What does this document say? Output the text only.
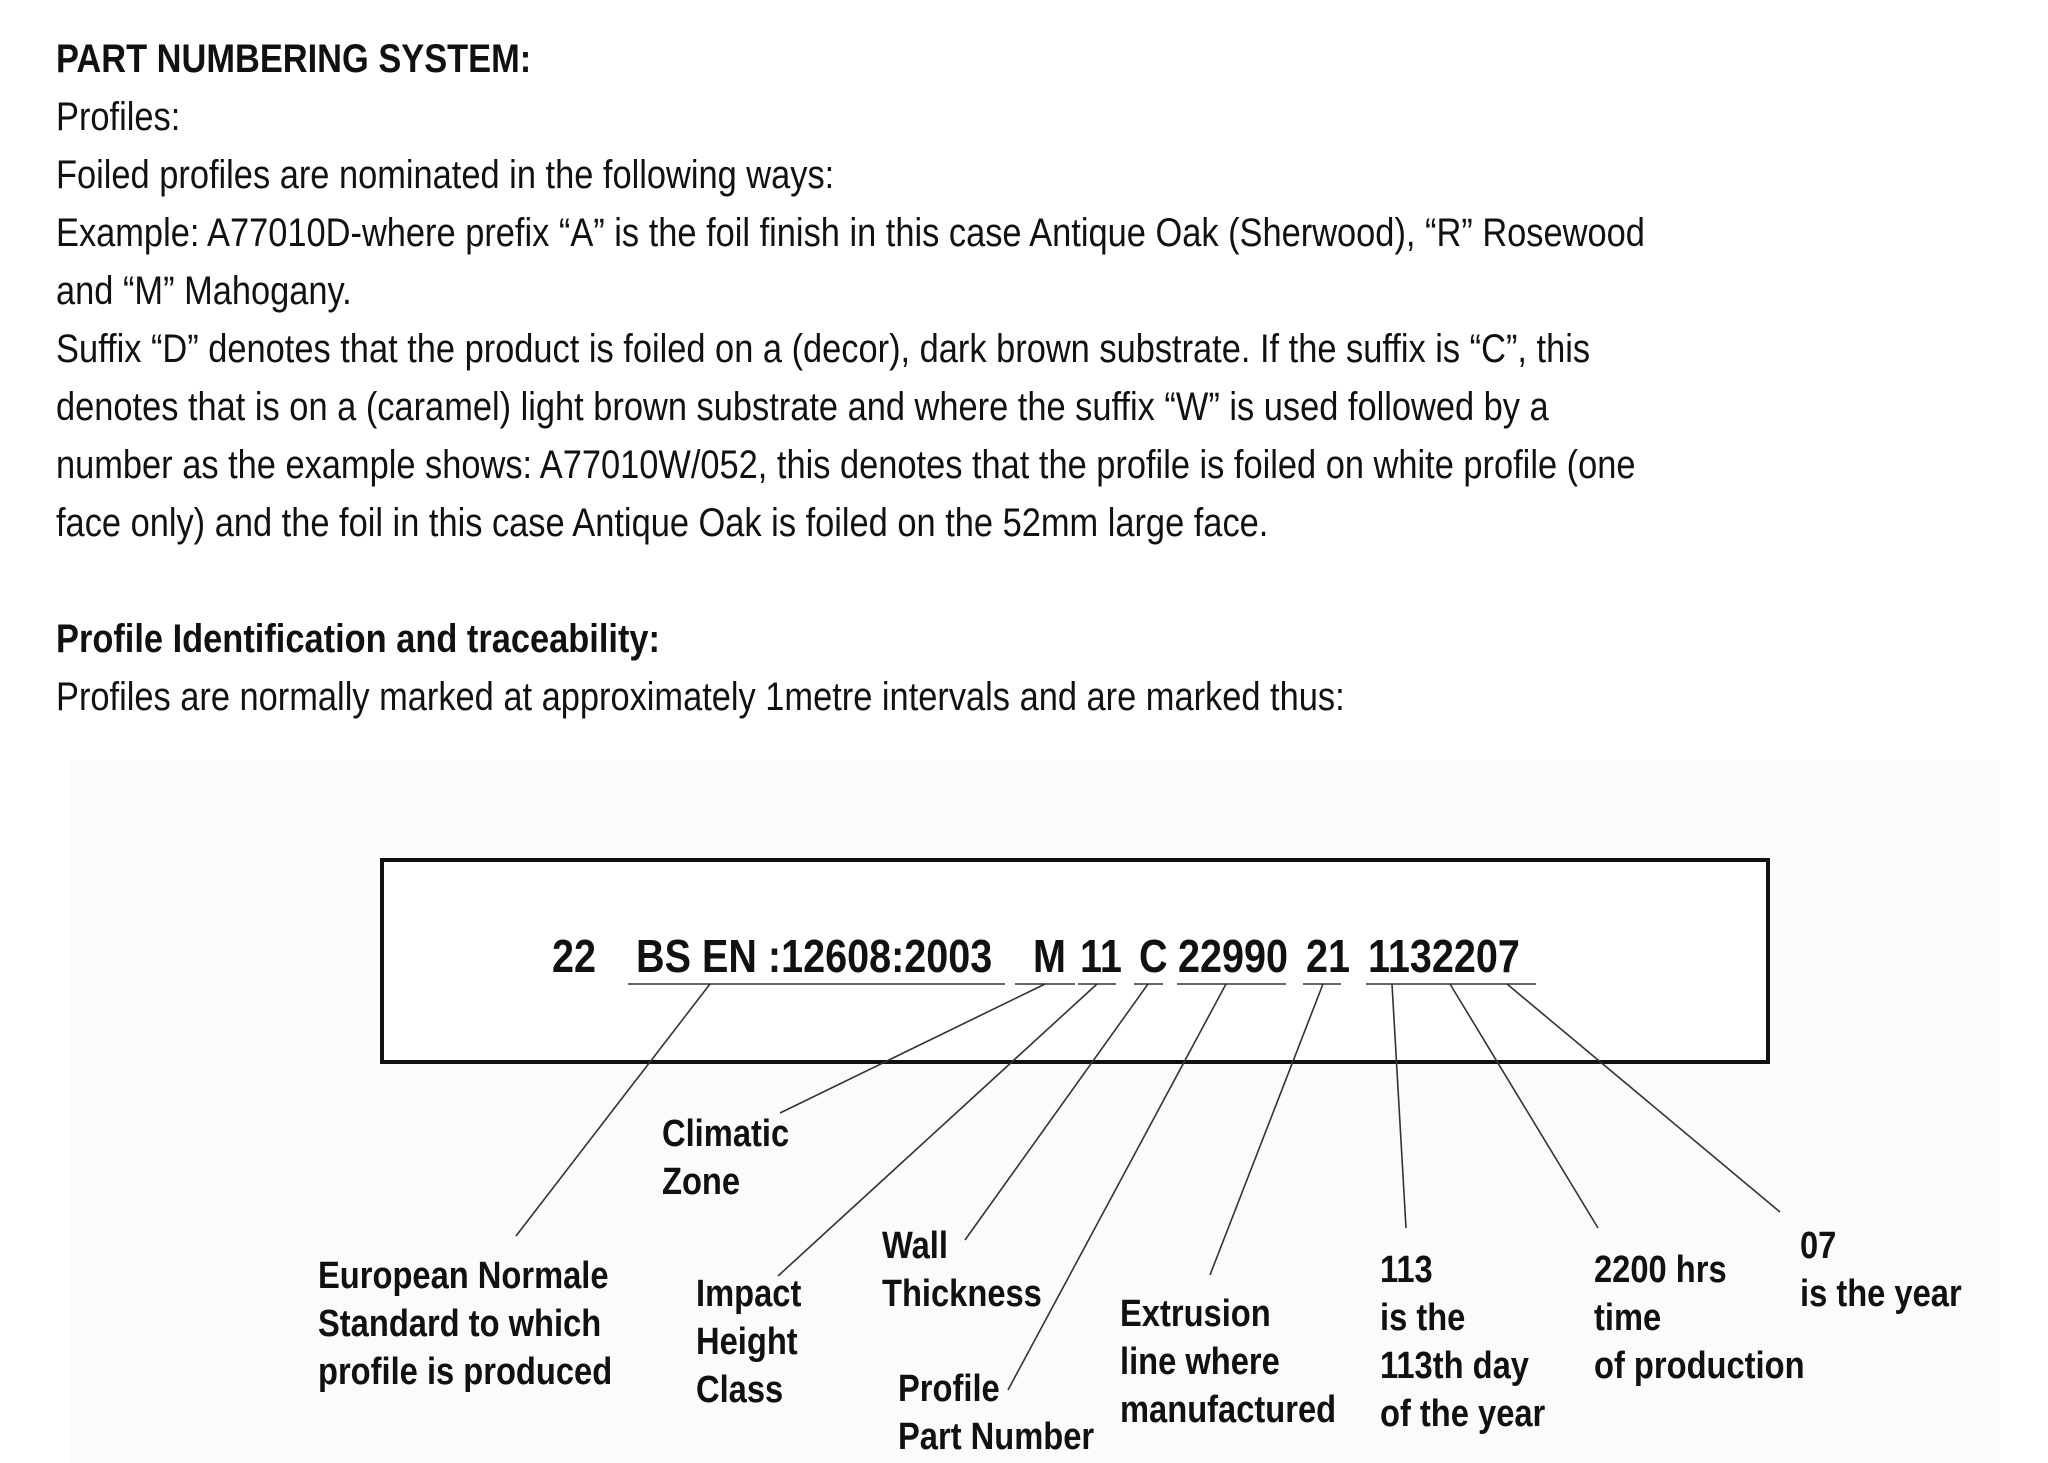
PART NUMBERING SYSTEM:

Profiles:

Foiled profiles are nominated in the following ways:

Example: A77010D-where prefix “A” is the foil finish in this case Antique Oak (Sherwood), “R” Rosewood

and “M” Mahogany.

Suffix “D” denotes that the product is foiled on a (decor), dark brown substrate. If the suffix is “C”, this

denotes that is on a (caramel) light brown substrate and where the suffix “W” is used followed by a

number as the example shows: A77010W/052, this denotes that the profile is foiled on white profile (one

face only) and the foil in this case Antique Oak is foiled on the 52mm large face.

Profile Identification and traceability:

Profiles are normally marked at approximately 1metre intervals and are marked thus:

22 BS EN :12608:2003 M 11 C 22990 21 1132207
Climatic
Zone
European Normale
Standard to which
profile is produced
Impact
Height
Class
Wall
Thickness
Profile
Part Number
Extrusion
line where
manufactured
113
is the
113th day
of the year
2200 hrs
time
of production
07
is the year
